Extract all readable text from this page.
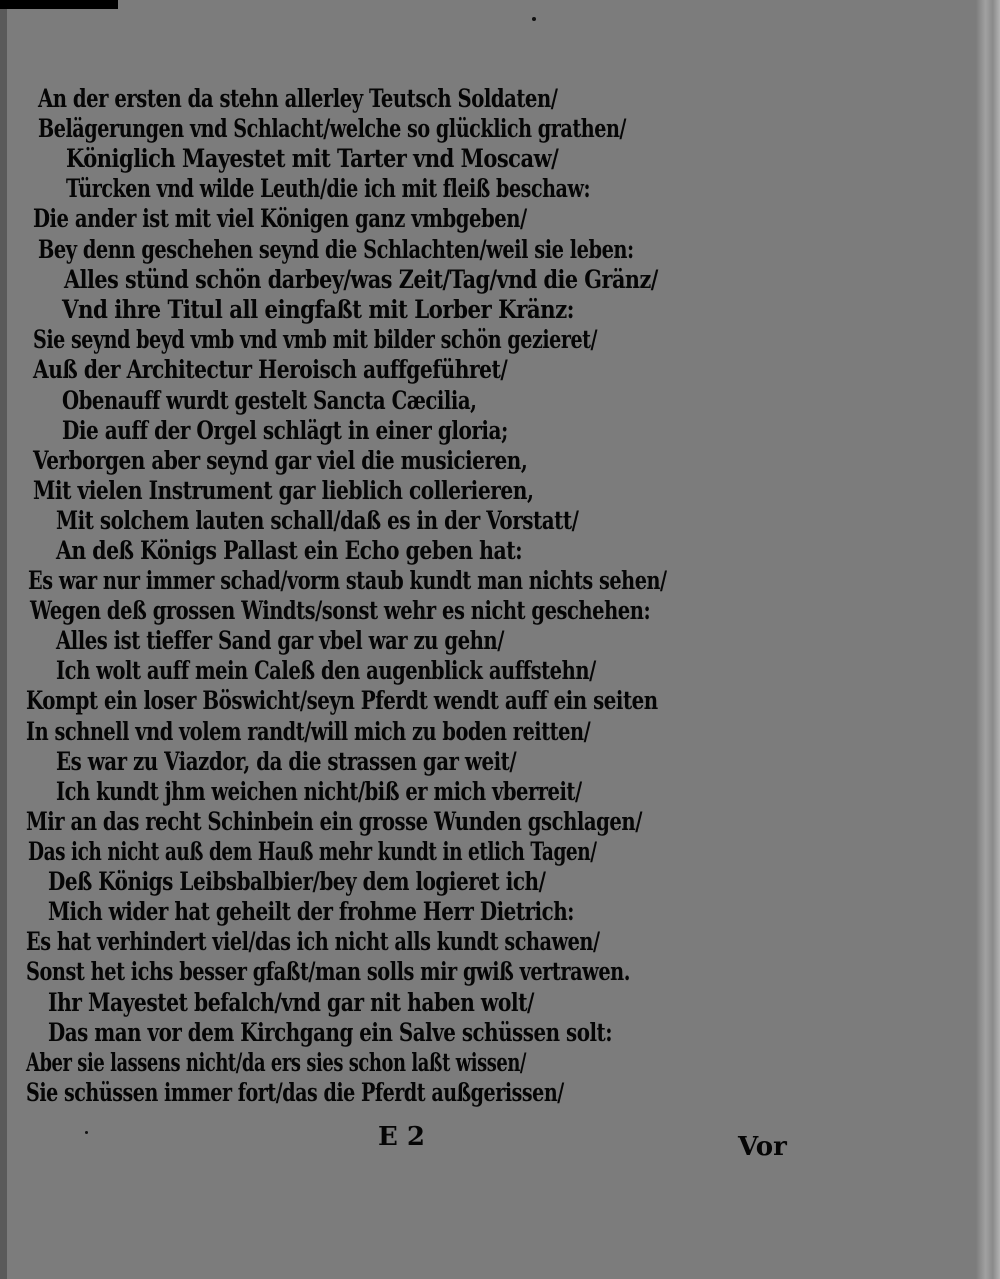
An der ersten da stehn allerley Teutsch Soldaten/
Belägerungen vnd Schlacht/welche so glücklich grathen/
Königlich Mayestet mit Tarter vnd Moscaw/
Türcken vnd wilde Leuth/die ich mit fleiß beschaw:
Die ander ist mit viel Königen ganz vmbgeben/
Bey denn geschehen seynd die Schlachten/weil sie leben:
Alles stünd schön darbey/was Zeit/Tag/vnd die Gränz/
Vnd ihre Titul all eingfaßt mit Lorber Kränz:
Sie seynd beyd vmb vnd vmb mit bilder schön gezieret/
Auß der Architectur Heroisch auffgeführet/
Obenauff wurdt gestelt Sancta Cæcilia,
Die auff der Orgel schlägt in einer gloria;
Verborgen aber seynd gar viel die musicieren,
Mit vielen Instrument gar lieblich collerieren,
Mit solchem lauten schall/daß es in der Vorstatt/
An deß Königs Pallast ein Echo geben hat:
Es war nur immer schad/vorm staub kundt man nichts sehen/
Wegen deß grossen Windts/sonst wehr es nicht geschehen:
Alles ist tieffer Sand gar vbel war zu gehn/
Ich wolt auff mein Caleß den augenblick auffstehn/
Kompt ein loser Böswicht/seyn Pferdt wendt auff ein seiten
In schnell vnd volem randt/will mich zu boden reitten/
Es war zu Viazdor, da die strassen gar weit/
Ich kundt jhm weichen nicht/biß er mich vberreit/
Mir an das recht Schinbein ein grosse Wunden gschlagen/
Das ich nicht auß dem Hauß mehr kundt in etlich Tagen/
Deß Königs Leibsbalbier/bey dem logieret ich/
Mich wider hat geheilt der frohme Herr Dietrich:
Es hat verhindert viel/das ich nicht alls kundt schawen/
Sonst het ichs besser gfaßt/man solls mir gwiß vertrawen.
Ihr Mayestet befalch/vnd gar nit haben wolt/
Das man vor dem Kirchgang ein Salve schüssen solt:
Aber sie lassens nicht/da ers sies schon laßt wissen/
Sie schüssen immer fort/das die Pferdt außgerissen/
E 2	Vor
